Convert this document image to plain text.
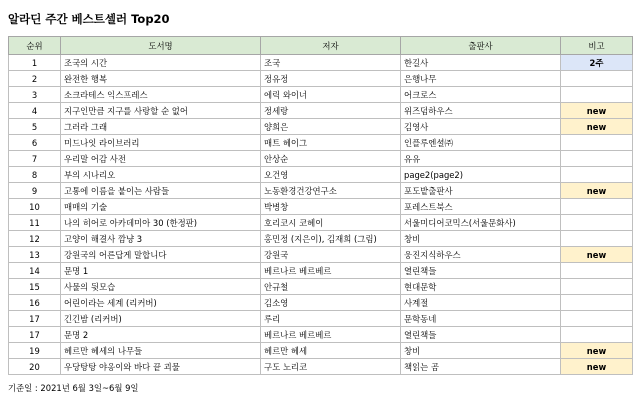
알라딘 주간 베스트셀러 Top20
순위	도서명	저자	출판사	비고
1	조국의 시간	조국	한길사	2주
2	완전한 행복	정유정	은행나무	
3	소크라테스 익스프레스	에릭 와이너	어크로스	
4	지구인만큼 지구를 사랑할 순 없어	정세랑	위즈덤하우스	new
5	그러라 그래	양희은	김영사	new
6	미드나잇 라이브러리	매트 헤이그	인플루엔셜㈜	
7	우리말 어감 사전	안상순	유유	
8	부의 시나리오	오건영	page2(page2)	
9	고통에 이름을 붙이는 사람들	노동환경건강연구소	포도밭출판사	new
10	매매의 기술	박병창	포레스트북스	
11	나의 히어로 아카데미아 30 (한정판)	호리코시 코헤이	서울미디어코믹스(서울문화사)	
12	고양이 해결사 깜냥 3	홍민정 (지은이), 김재희 (그림)	창비	
13	강원국의 어른답게 말합니다	강원국	웅진지식하우스	new
14	문명 1	베르나르 베르베르	열린책들	
15	사물의 뒷모습	안규철	현대문학	
16	어린이라는 세계 (리커버)	김소영	사계절	
17	긴긴밤 (리커버)	루리	문학동네	
17	문명 2	베르나르 베르베르	열린책들	
19	헤르만 헤세의 나무들	헤르만 헤세	창비	new
20	우당탕탕 야옹이와 바다 끝 괴물	구도 노리코	책읽는 곰	new
기준일 : 2021년 6월 3일~6월 9일
